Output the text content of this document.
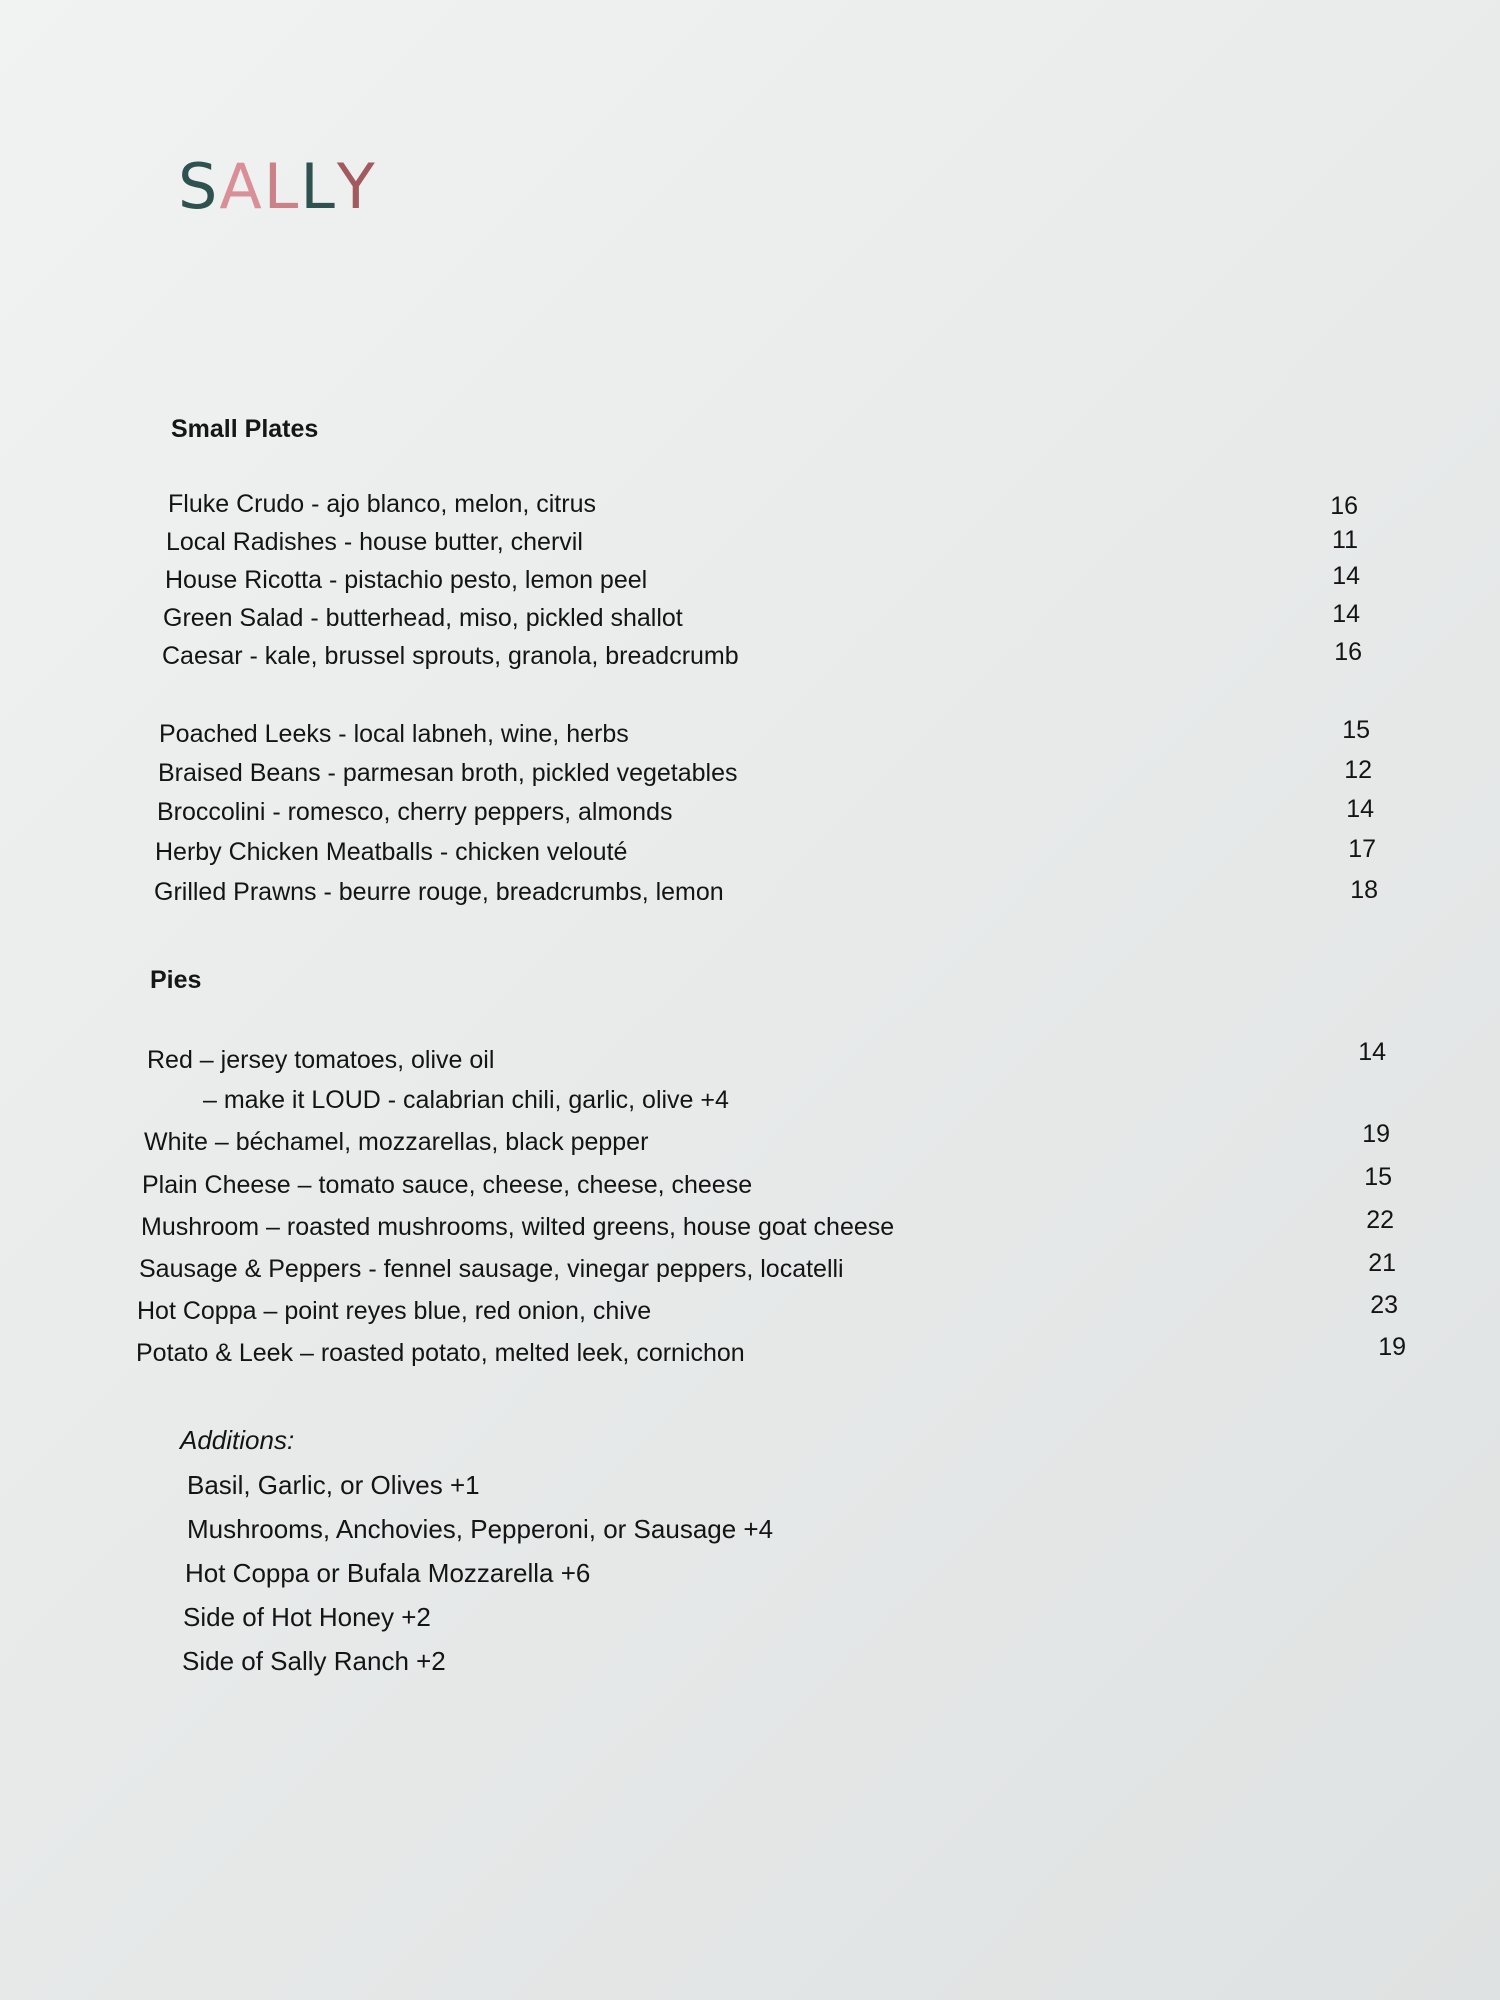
SALLY
Small Plates
Fluke Crudo - ajo blanco, melon, citrus	16
Local Radishes - house butter, chervil	11
House Ricotta - pistachio pesto, lemon peel	14
Green Salad - butterhead, miso, pickled shallot	14
Caesar - kale, brussel sprouts, granola, breadcrumb	16
Poached Leeks - local labneh, wine, herbs	15
Braised Beans - parmesan broth, pickled vegetables	12
Broccolini - romesco, cherry peppers, almonds	14
Herby Chicken Meatballs - chicken velouté	17
Grilled Prawns - beurre rouge, breadcrumbs, lemon	18
Pies
Red – jersey tomatoes, olive oil	14
– make it LOUD - calabrian chili, garlic, olive +4
White – béchamel, mozzarellas, black pepper	19
Plain Cheese – tomato sauce, cheese, cheese, cheese	15
Mushroom – roasted mushrooms, wilted greens, house goat cheese	22
Sausage & Peppers - fennel sausage, vinegar peppers, locatelli	21
Hot Coppa – point reyes blue, red onion, chive	23
Potato & Leek – roasted potato, melted leek, cornichon	19
Additions:
Basil, Garlic, or Olives +1
Mushrooms, Anchovies, Pepperoni, or Sausage +4
Hot Coppa or Bufala Mozzarella +6
Side of Hot Honey +2
Side of Sally Ranch +2
